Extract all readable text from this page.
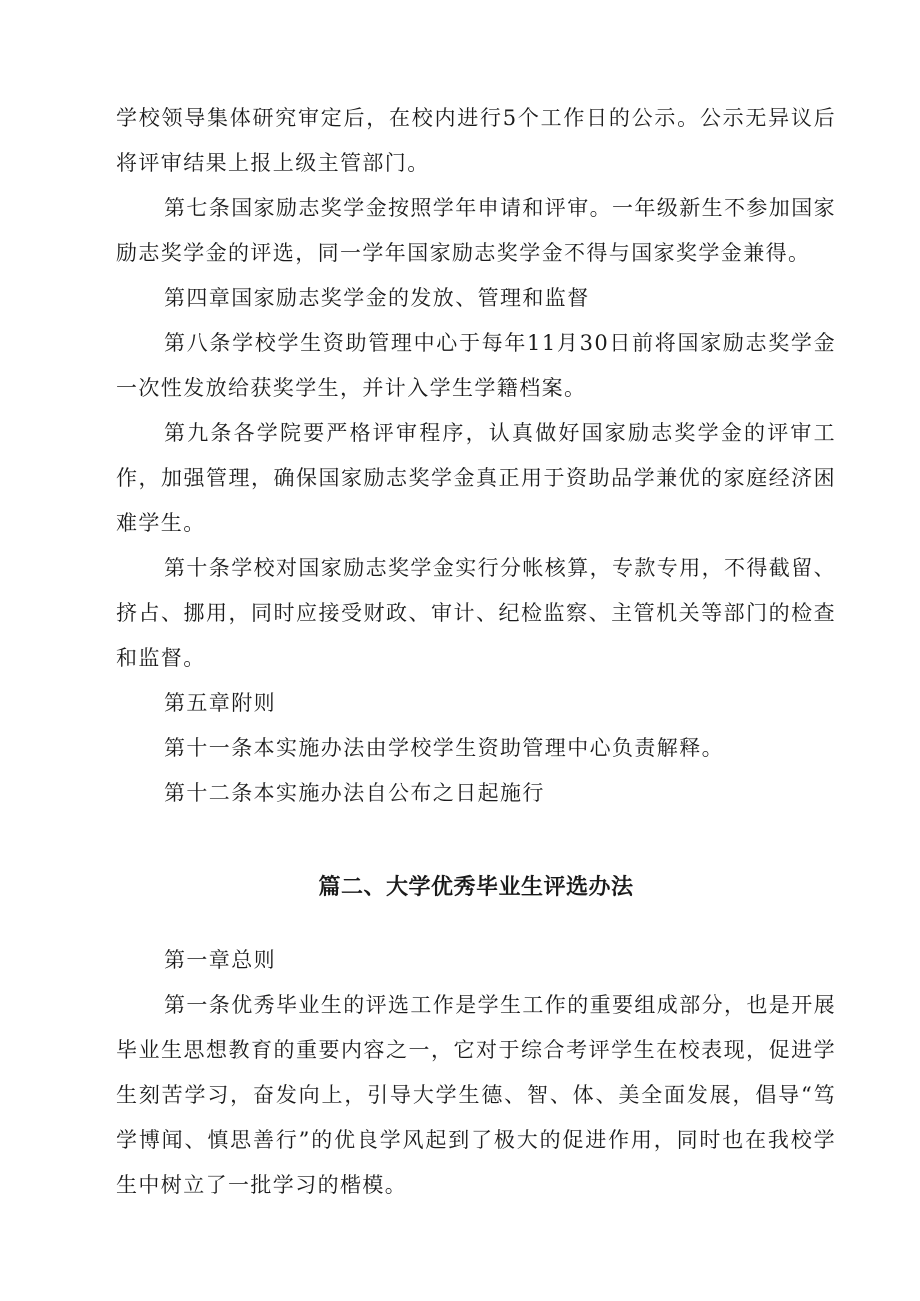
学校领导集体研究审定后，在校内进行5个工作日的公示。公示无异议后将评审结果上报上级主管部门。

第七条国家励志奖学金按照学年申请和评审。一年级新生不参加国家励志奖学金的评选，同一学年国家励志奖学金不得与国家奖学金兼得。

第四章国家励志奖学金的发放、管理和监督

第八条学校学生资助管理中心于每年11月30日前将国家励志奖学金一次性发放给获奖学生，并计入学生学籍档案。

第九条各学院要严格评审程序，认真做好国家励志奖学金的评审工作，加强管理，确保国家励志奖学金真正用于资助品学兼优的家庭经济困难学生。

第十条学校对国家励志奖学金实行分帐核算，专款专用，不得截留、挤占、挪用，同时应接受财政、审计、纪检监察、主管机关等部门的检查和监督。

第五章附则

第十一条本实施办法由学校学生资助管理中心负责解释。

第十二条本实施办法自公布之日起施行

篇二、大学优秀毕业生评选办法

第一章总则

第一条优秀毕业生的评选工作是学生工作的重要组成部分，也是开展毕业生思想教育的重要内容之一，它对于综合考评学生在校表现，促进学生刻苦学习，奋发向上，引导大学生德、智、体、美全面发展，倡导“笃学博闻、慎思善行”的优良学风起到了极大的促进作用，同时也在我校学生中树立了一批学习的楷模。
